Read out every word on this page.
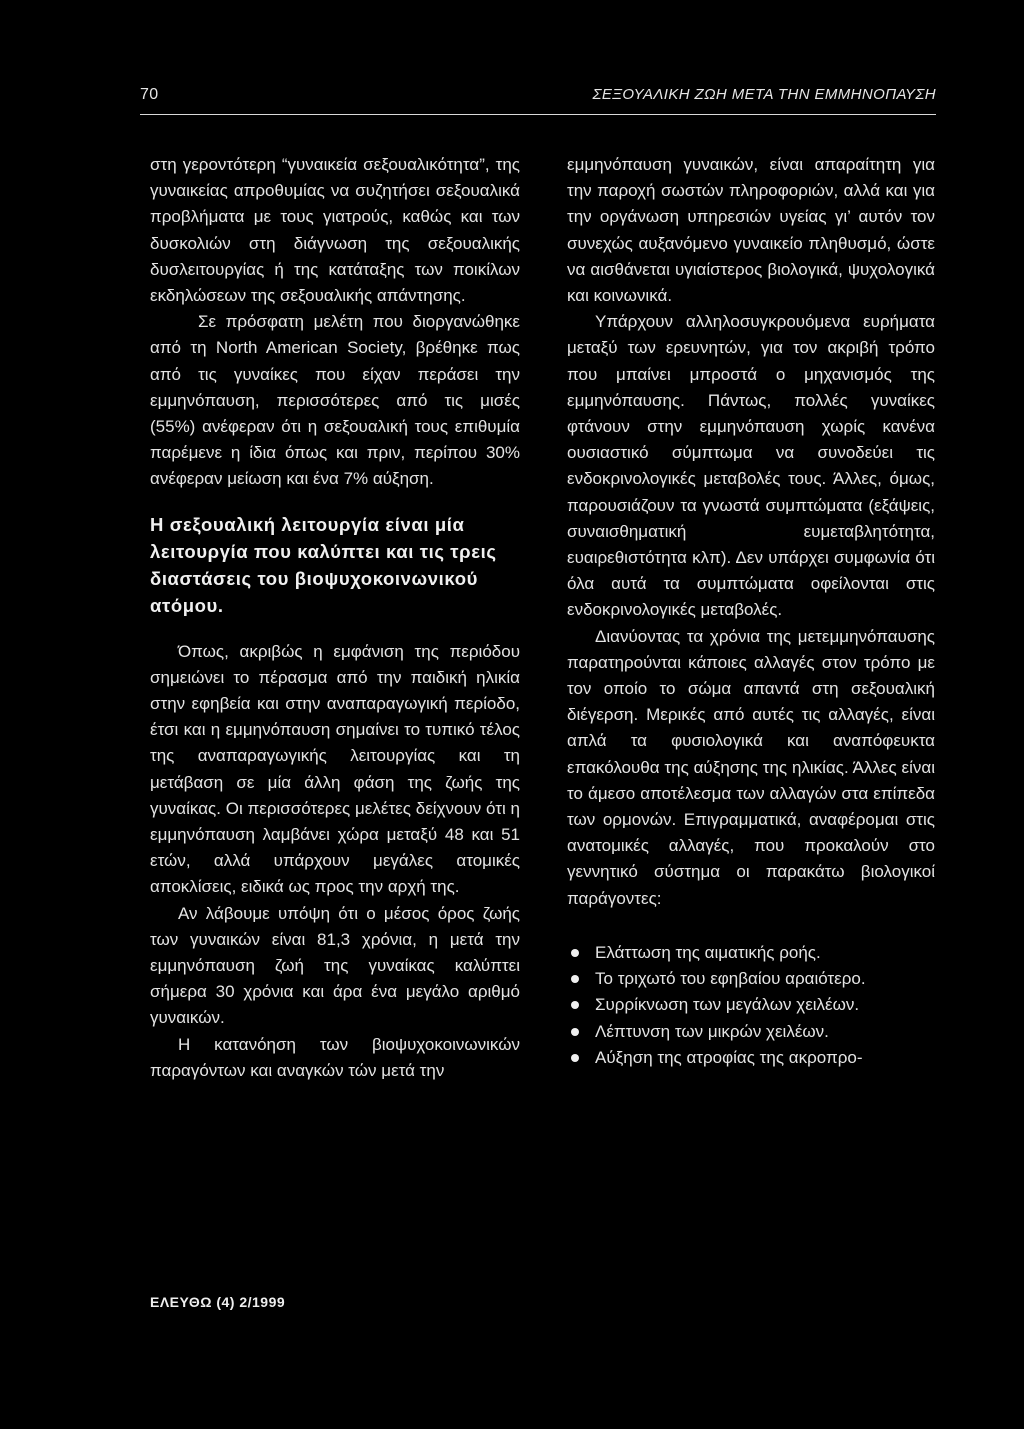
70	ΣΕΞΟΥΑΛΙΚΗ ΖΩΗ ΜΕΤΑ ΤΗΝ ΕΜΜΗΝΟΠΑΥΣΗ

στη γεροντότερη “γυναικεία σεξουαλικότητα”, της γυναικείας απροθυμίας να συζητήσει σεξουαλικά προβλήματα με τους γιατρούς, καθώς και των δυσκολιών στη διάγνωση της σεξουαλικής δυσλειτουργίας ή της κατάταξης των ποικίλων εκδηλώσεων της σεξουαλικής απάντησης.

Σε πρόσφατη μελέτη που διοργανώθηκε από τη North American Society, βρέθηκε πως από τις γυναίκες που είχαν περάσει την εμμηνόπαυση, περισσότερες από τις μισές (55%) ανέφεραν ότι η σεξουαλική τους επιθυμία παρέμενε η ίδια όπως και πριν, περίπου 30% ανέφεραν μείωση και ένα 7% αύξηση.

Η σεξουαλική λειτουργία είναι μία λειτουργία που καλύπτει και τις τρεις διαστάσεις του βιοψυχοκοινωνικού ατόμου.

Όπως, ακριβώς η εμφάνιση της περιόδου σημειώνει το πέρασμα από την παιδική ηλικία στην εφηβεία και στην αναπαραγωγική περίοδο, έτσι και η εμμηνόπαυση σημαίνει το τυπικό τέλος της αναπαραγωγικής λειτουργίας και τη μετάβαση σε μία άλλη φάση της ζωής της γυναίκας. Οι περισσότερες μελέτες δείχνουν ότι η εμμηνόπαυση λαμβάνει χώρα μεταξύ 48 και 51 ετών, αλλά υπάρχουν μεγάλες ατομικές αποκλίσεις, ειδικά ως προς την αρχή της.

Αν λάβουμε υπόψη ότι ο μέσος όρος ζωής των γυναικών είναι 81,3 χρόνια, η μετά την εμμηνόπαυση ζωή της γυναίκας καλύπτει σήμερα 30 χρόνια και άρα ένα μεγάλο αριθμό γυναικών.

Η κατανόηση των βιοψυχοκοινωνικών παραγόντων και αναγκών τών μετά την

εμμηνόπαυση γυναικών, είναι απαραίτητη για την παροχή σωστών πληροφοριών, αλλά και για την οργάνωση υπηρεσιών υγείας γι’ αυτόν τον συνεχώς αυξανόμενο γυναικείο πληθυσμό, ώστε να αισθάνεται υγιαίστερος βιολογικά, ψυχολογικά και κοινωνικά.

Υπάρχουν αλληλοσυγκρουόμενα ευρήματα μεταξύ των ερευνητών, για τον ακριβή τρόπο που μπαίνει μπροστά ο μηχανισμός της εμμηνόπαυσης. Πάντως, πολλές γυναίκες φτάνουν στην εμμηνόπαυση χωρίς κανένα ουσιαστικό σύμπτωμα να συνοδεύει τις ενδοκρινολογικές μεταβολές τους. Άλλες, όμως, παρουσιάζουν τα γνωστά συμπτώματα (εξάψεις, συναισθηματική ευμεταβλητότητα, ευαιρεθιστότητα κλπ). Δεν υπάρχει συμφωνία ότι όλα αυτά τα συμπτώματα οφείλονται στις ενδοκρινολογικές μεταβολές.

Διανύοντας τα χρόνια της μετεμμηνόπαυσης παρατηρούνται κάποιες αλλαγές στον τρόπο με τον οποίο το σώμα απαντά στη σεξουαλική διέγερση. Μερικές από αυτές τις αλλαγές, είναι απλά τα φυσιολογικά και αναπόφευκτα επακόλουθα της αύξησης της ηλικίας. Άλλες είναι το άμεσο αποτέλεσμα των αλλαγών στα επίπεδα των ορμονών. Επιγραμματικά, αναφέρομαι στις ανατομικές αλλαγές, που προκαλούν στο γεννητικό σύστημα οι παρακάτω βιολογικοί παράγοντες:

Ελάττωση της αιματικής ροής.
Το τριχωτό του εφηβαίου αραιότερο.
Συρρίκνωση των μεγάλων χειλέων.
Λέπτυνση των μικρών χειλέων.
Αύξηση της ατροφίας της ακροπρο-
ΕΛΕΥΘΩ (4) 2/1999
